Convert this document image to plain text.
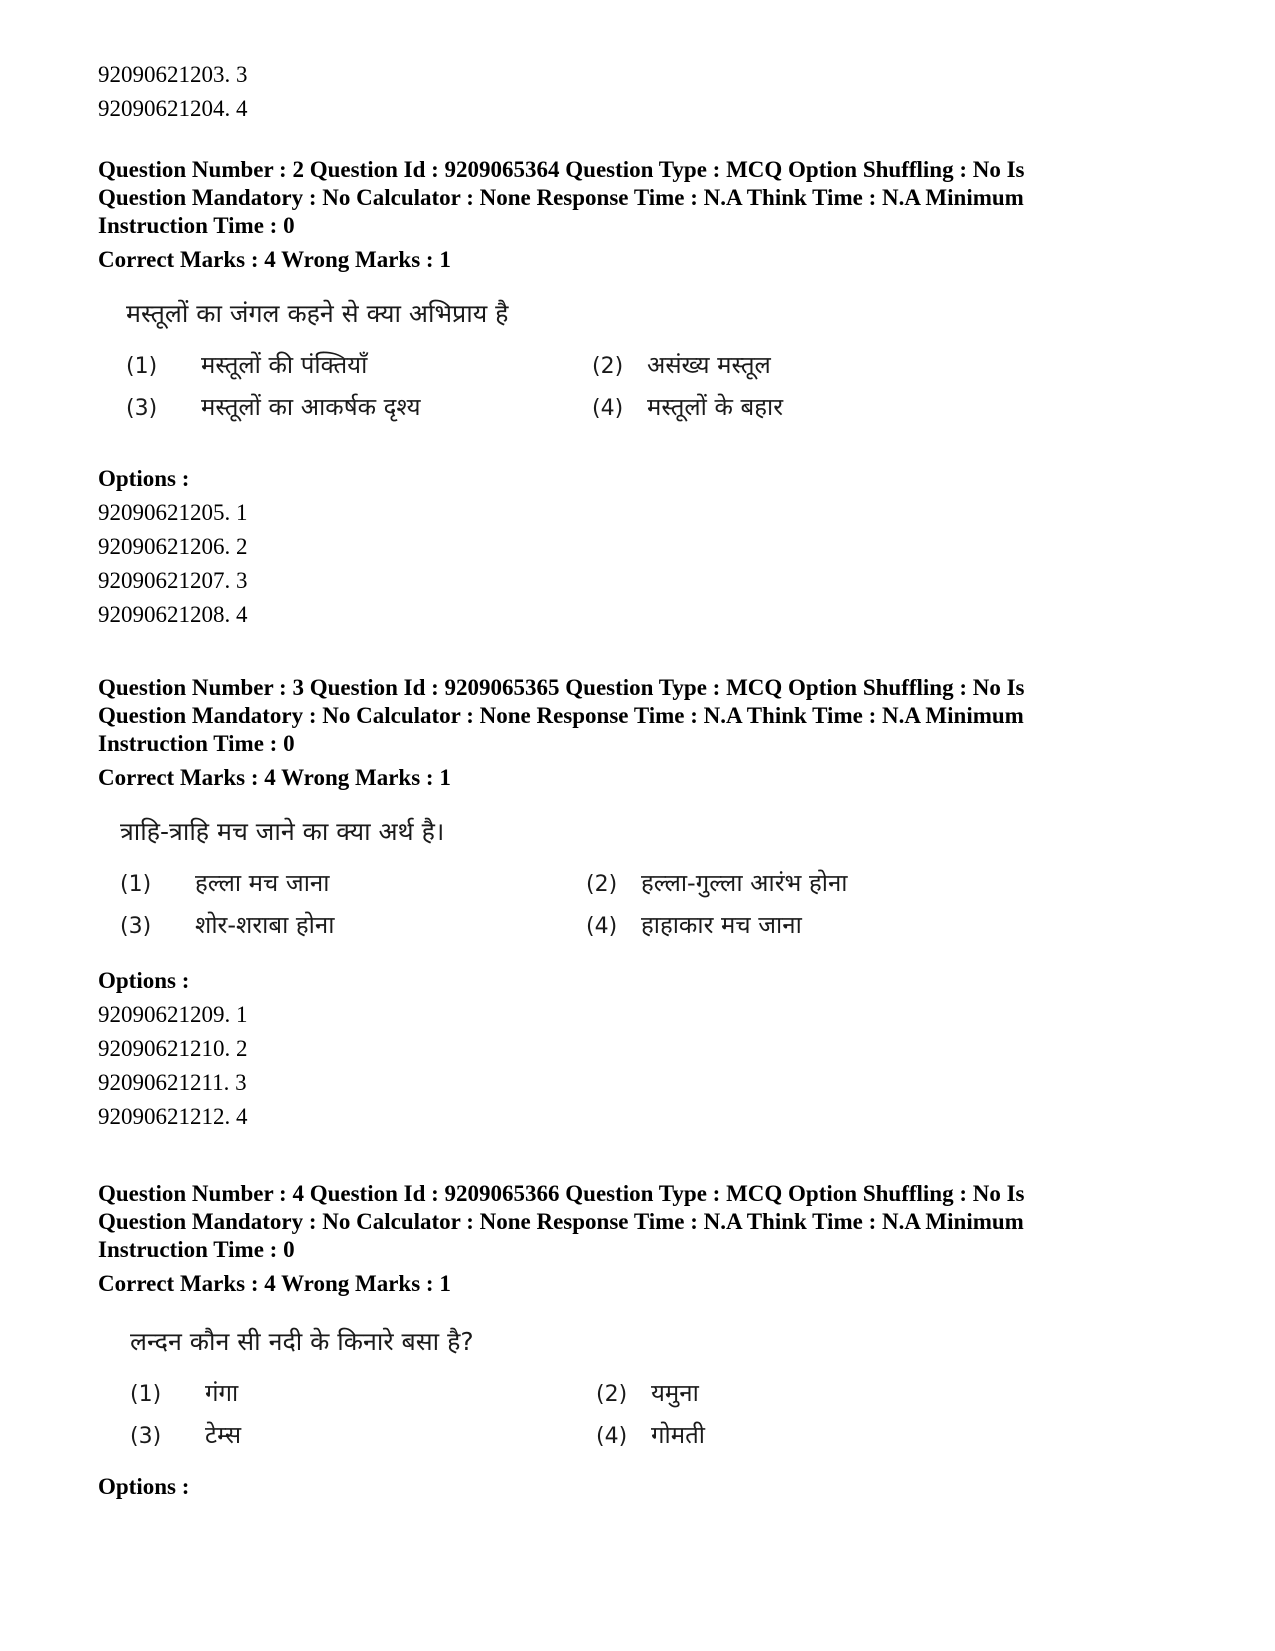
92090621203. 3
92090621204. 4
Question Number : 2 Question Id : 9209065364 Question Type : MCQ Option Shuffling : No Is Question Mandatory : No Calculator : None Response Time : N.A Think Time : N.A Minimum Instruction Time : 0
Correct Marks : 4 Wrong Marks : 1
मस्तूलों का जंगल कहने से क्या अभिप्राय है
(1) मस्तूलों की पंक्तियाँ	(2) असंख्य मस्तूल
(3) मस्तूलों का आकर्षक दृश्य	(4) मस्तूलों के बहार
Options :
92090621205. 1
92090621206. 2
92090621207. 3
92090621208. 4
Question Number : 3 Question Id : 9209065365 Question Type : MCQ Option Shuffling : No Is Question Mandatory : No Calculator : None Response Time : N.A Think Time : N.A Minimum Instruction Time : 0
Correct Marks : 4 Wrong Marks : 1
त्राहि-त्राहि मच जाने का क्या अर्थ है।
(1) हल्ला मच जाना	(2) हल्ला-गुल्ला आरंभ होना
(3) शोर-शराबा होना	(4) हाहाकार मच जाना
Options :
92090621209. 1
92090621210. 2
92090621211. 3
92090621212. 4
Question Number : 4 Question Id : 9209065366 Question Type : MCQ Option Shuffling : No Is Question Mandatory : No Calculator : None Response Time : N.A Think Time : N.A Minimum Instruction Time : 0
Correct Marks : 4 Wrong Marks : 1
लन्दन कौन सी नदी के किनारे बसा है?
(1) गंगा	(2) यमुना
(3) टेम्स	(4) गोमती
Options :
